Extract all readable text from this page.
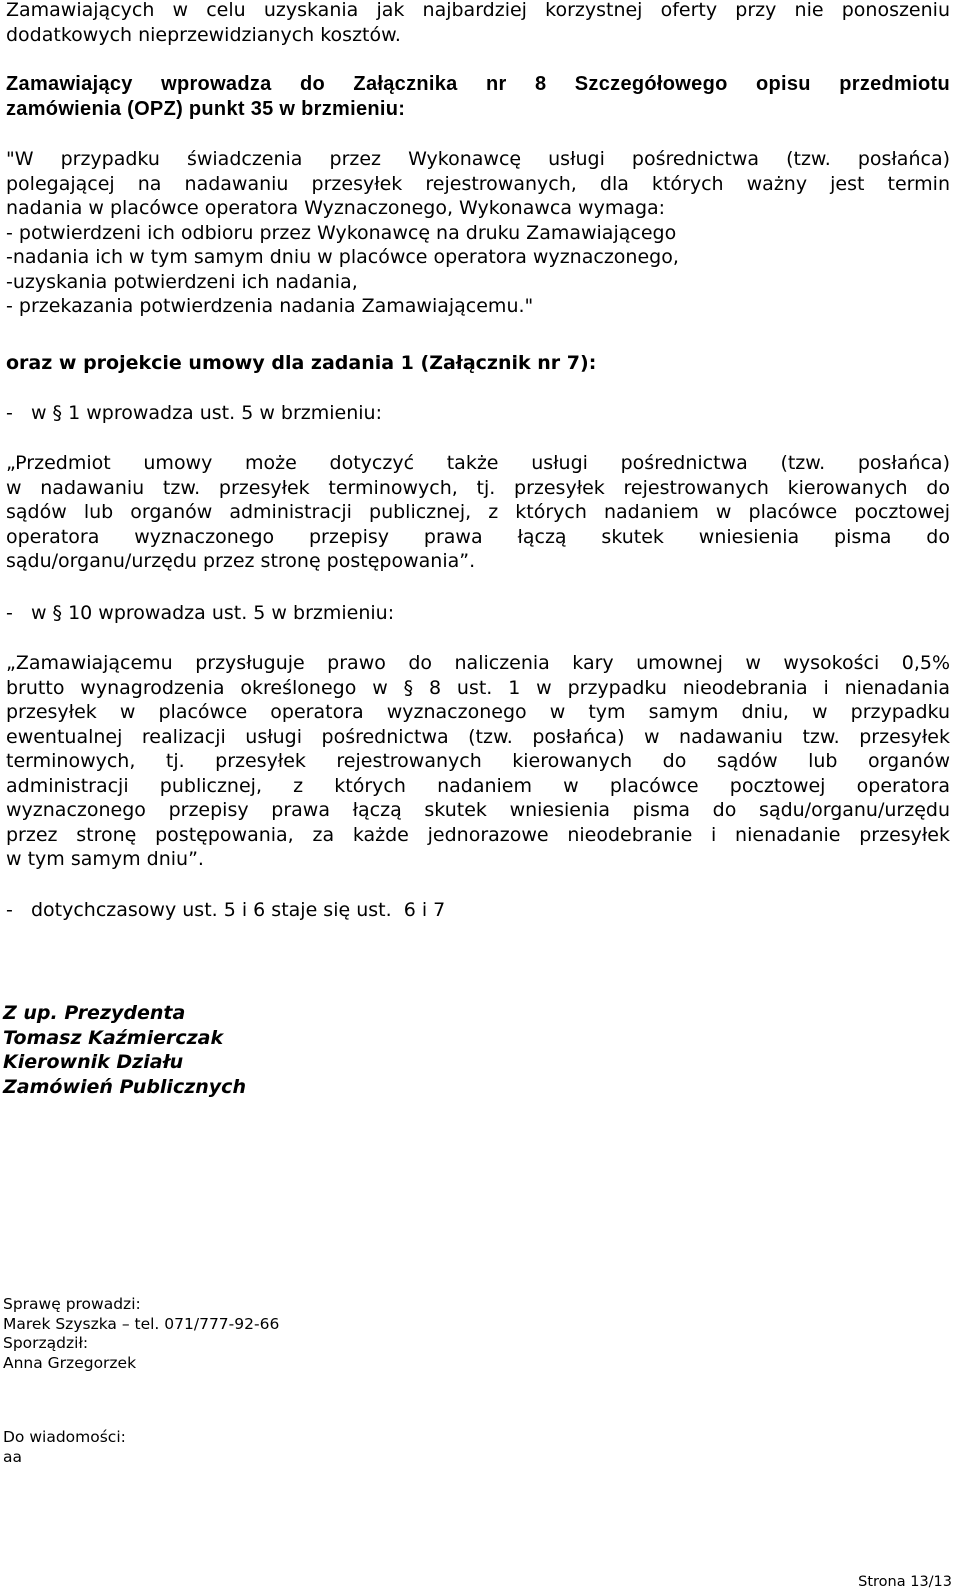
Zamawiających w celu uzyskania jak najbardziej korzystnej oferty przy nie ponoszeniu

dodatkowych nieprzewidzianych kosztów.

Zamawiający wprowadza do Załącznika nr 8 Szczegółowego opisu przedmiotu

zamówienia (OPZ) punkt 35 w brzmieniu:

"W przypadku świadczenia przez Wykonawcę usługi pośrednictwa (tzw. posłańca)

polegającej na nadawaniu przesyłek rejestrowanych, dla których ważny jest termin

nadania w placówce operatora Wyznaczonego, Wykonawca wymaga:

- potwierdzeni ich odbioru przez Wykonawcę na druku Zamawiającego

-nadania ich w tym samym dniu w placówce operatora wyznaczonego,

-uzyskania potwierdzeni ich nadania,

- przekazania potwierdzenia nadania Zamawiającemu."

oraz w projekcie umowy dla zadania 1 (Załącznik nr 7):

-   w § 1 wprowadza ust. 5 w brzmieniu:

„Przedmiot umowy może dotyczyć także usługi pośrednictwa (tzw. posłańca)

w nadawaniu tzw. przesyłek terminowych, tj. przesyłek rejestrowanych kierowanych do

sądów lub organów administracji publicznej, z których nadaniem w placówce pocztowej

operatora wyznaczonego przepisy prawa łączą skutek wniesienia pisma do

sądu/organu/urzędu przez stronę postępowania”.

-   w § 10 wprowadza ust. 5 w brzmieniu:

„Zamawiającemu przysługuje prawo do naliczenia kary umownej w wysokości 0,5%

brutto wynagrodzenia określonego w § 8 ust. 1 w przypadku nieodebrania i nienadania

przesyłek w placówce operatora wyznaczonego w tym samym dniu, w przypadku

ewentualnej realizacji usługi pośrednictwa (tzw. posłańca) w nadawaniu tzw. przesyłek

terminowych, tj. przesyłek rejestrowanych kierowanych do sądów lub organów

administracji publicznej, z których nadaniem w placówce pocztowej operatora

wyznaczonego przepisy prawa łączą skutek wniesienia pisma do sądu/organu/urzędu

przez stronę postępowania, za każde jednorazowe nieodebranie i nienadanie przesyłek

w tym samym dniu”.

-   dotychczasowy ust. 5 i 6 staje się ust.  6 i 7

Z up. Prezydenta

Tomasz Kaźmierczak

Kierownik Działu

Zamówień Publicznych

Sprawę prowadzi:

Marek Szyszka – tel. 071/777-92-66

Sporządził:

Anna Grzegorzek

Do wiadomości:

aa

Strona 13/13
